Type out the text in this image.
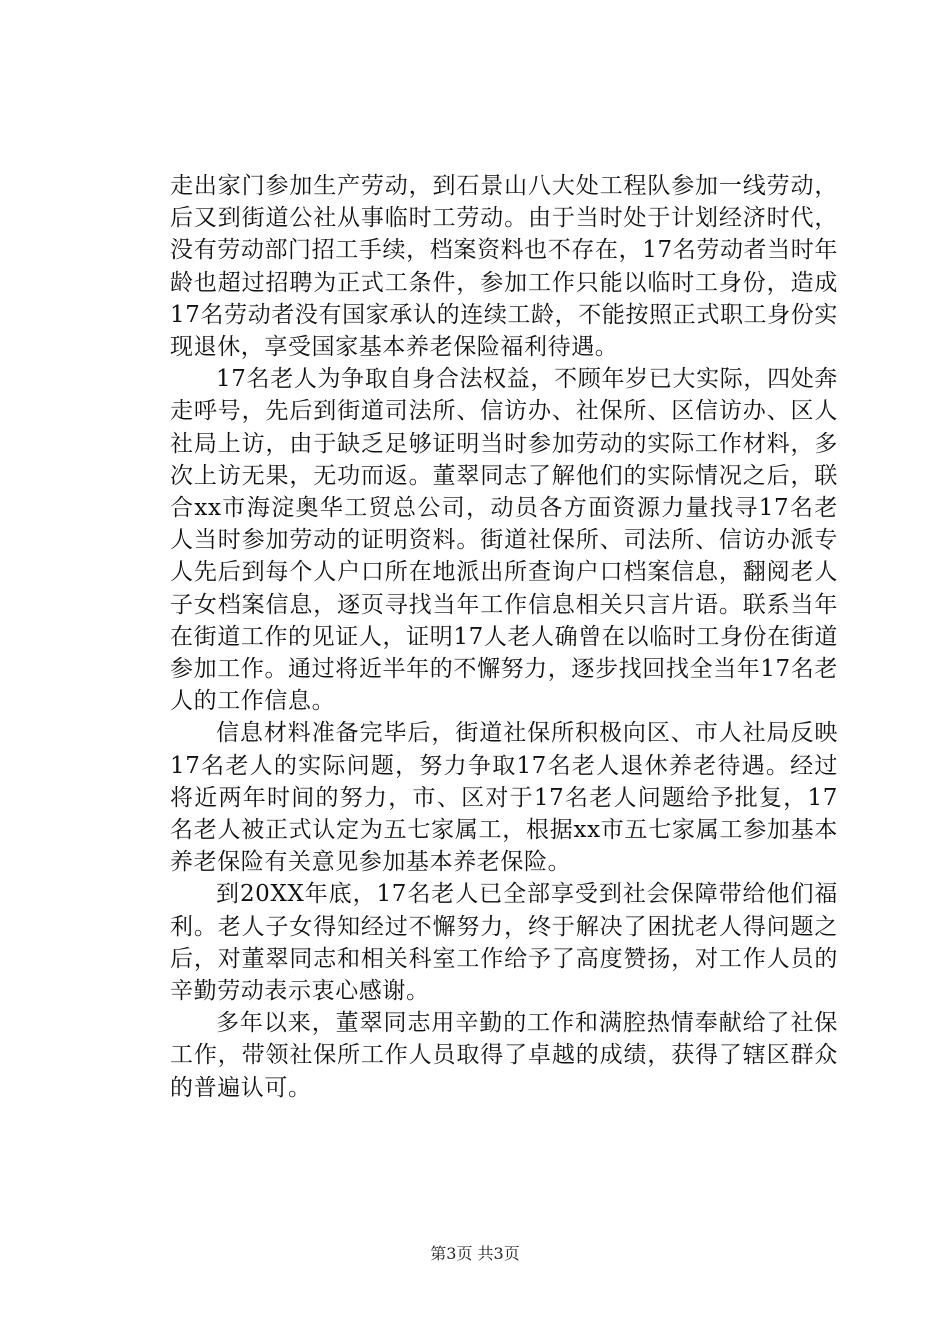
走出家门参加生产劳动，到石景山八大处工程队参加一线劳动，后又到街道公社从事临时工劳动。由于当时处于计划经济时代，没有劳动部门招工手续，档案资料也不存在，17名劳动者当时年龄也超过招聘为正式工条件，参加工作只能以临时工身份，造成17名劳动者没有国家承认的连续工龄，不能按照正式职工身份实现退休，享受国家基本养老保险福利待遇。

17名老人为争取自身合法权益，不顾年岁已大实际，四处奔走呼号，先后到街道司法所、信访办、社保所、区信访办、区人社局上访，由于缺乏足够证明当时参加劳动的实际工作材料，多次上访无果，无功而返。董翠同志了解他们的实际情况之后，联合xx市海淀奥华工贸总公司，动员各方面资源力量找寻17名老人当时参加劳动的证明资料。街道社保所、司法所、信访办派专人先后到每个人户口所在地派出所查询户口档案信息，翻阅老人子女档案信息，逐页寻找当年工作信息相关只言片语。联系当年在街道工作的见证人，证明17人老人确曾在以临时工身份在街道参加工作。通过将近半年的不懈努力，逐步找回找全当年17名老人的工作信息。

信息材料准备完毕后，街道社保所积极向区、市人社局反映17名老人的实际问题，努力争取17名老人退休养老待遇。经过将近两年时间的努力，市、区对于17名老人问题给予批复，17名老人被正式认定为五七家属工，根据xx市五七家属工参加基本养老保险有关意见参加基本养老保险。

到20XX年底，17名老人已全部享受到社会保障带给他们福利。老人子女得知经过不懈努力，终于解决了困扰老人得问题之后，对董翠同志和相关科室工作给予了高度赞扬，对工作人员的辛勤劳动表示衷心感谢。

多年以来，董翠同志用辛勤的工作和满腔热情奉献给了社保工作，带领社保所工作人员取得了卓越的成绩，获得了辖区群众的普遍认可。

第3页 共3页
